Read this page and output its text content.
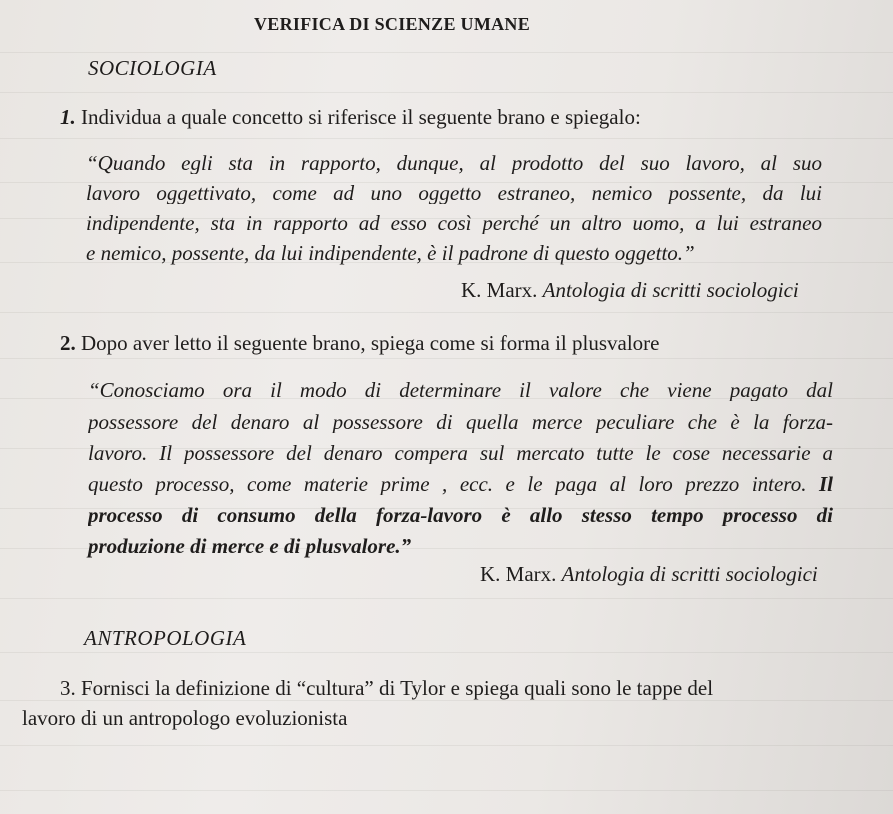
VERIFICA DI SCIENZE UMANE
SOCIOLOGIA
1. Individua a quale concetto si riferisce il seguente brano e spiegalo:
“Quando egli sta in rapporto, dunque, al prodotto del suo lavoro, al suo
lavoro oggettivato, come ad uno oggetto estraneo, nemico possente, da lui
indipendente, sta in rapporto ad esso così perché un altro uomo, a lui estraneo
e nemico, possente, da lui indipendente, è il padrone di questo oggetto.”
K. Marx. Antologia di scritti sociologici
2. Dopo aver letto il seguente brano, spiega come si forma il plusvalore
“Conosciamo ora il modo di determinare il valore che viene pagato dal
possessore del denaro al possessore di quella merce peculiare che è la forza-
lavoro. Il possessore del denaro compera sul mercato tutte le cose necessarie a
questo processo, come materie prime , ecc. e le paga al loro prezzo intero. Il
processo di consumo della forza-lavoro è allo stesso tempo processo di
produzione di merce e di plusvalore.”
K. Marx. Antologia di scritti sociologici
ANTROPOLOGIA
3. Fornisci la definizione di “cultura” di Tylor e spiega quali sono le tappe del
lavoro di un antropologo evoluzionista
